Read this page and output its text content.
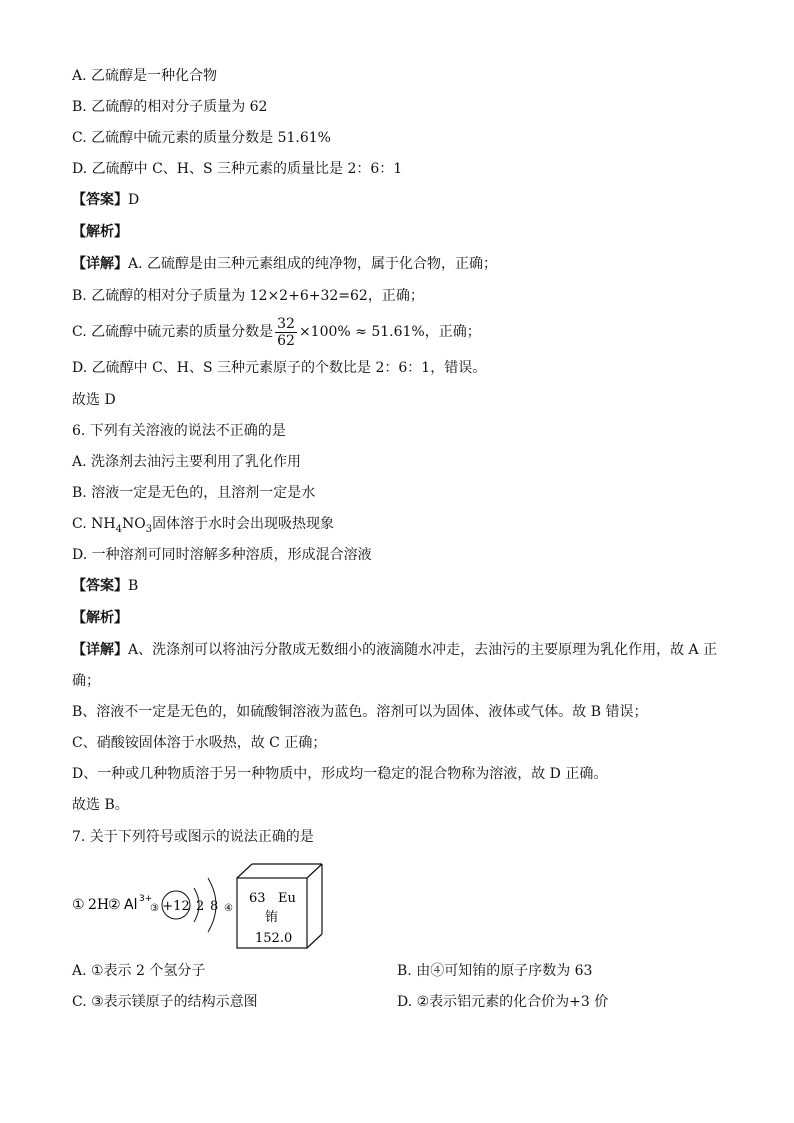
A. 乙硫醇是一种化合物
B. 乙硫醇的相对分子质量为 62
C. 乙硫醇中硫元素的质量分数是 51.61%
D. 乙硫醇中 C、H、S 三种元素的质量比是 2：6：1
【答案】D
【解析】
【详解】A. 乙硫醇是由三种元素组成的纯净物，属于化合物，正确；
B. 乙硫醇的相对分子质量为 12×2+6+32=62，正确；
C. 乙硫醇中硫元素的质量分数是 $\frac{32}{62} \times 100\% \approx 51.61\%$，正确；
D. 乙硫醇中 C、H、S 三种元素原子的个数比是 2：6：1，错误。
故选 D
6. 下列有关溶液的说法不正确的是
A. 洗涤剂去油污主要利用了乳化作用
B. 溶液一定是无色的，且溶剂一定是水
C. $NH_4NO_3$固体溶于水时会出现吸热现象
D. 一种溶剂可同时溶解多种溶质，形成混合溶液
【答案】B
【解析】
【详解】A、洗涤剂可以将油污分散成无数细小的液滴随水冲走，去油污的主要原理为乳化作用，故 A 正
确；
B、溶液不一定是无色的，如硫酸铜溶液为蓝色。溶剂可以为固体、液体或气体。故 B 错误；
C、硝酸铵固体溶于水吸热，故 C 正确；
D、一种或几种物质溶于另一种物质中，形成均一稳定的混合物称为溶液，故 D 正确。
故选 B。
7. 关于下列符号或图示的说法正确的是
① 2H
② Al 3+
③ +12 2 8 ④
63 Eu
铕
152.0
A. ①表示 2 个氢分子	B. 由④可知铕的原子序数为 63
C. ③表示镁原子的结构示意图	D. ②表示铝元素的化合价为+3 价
